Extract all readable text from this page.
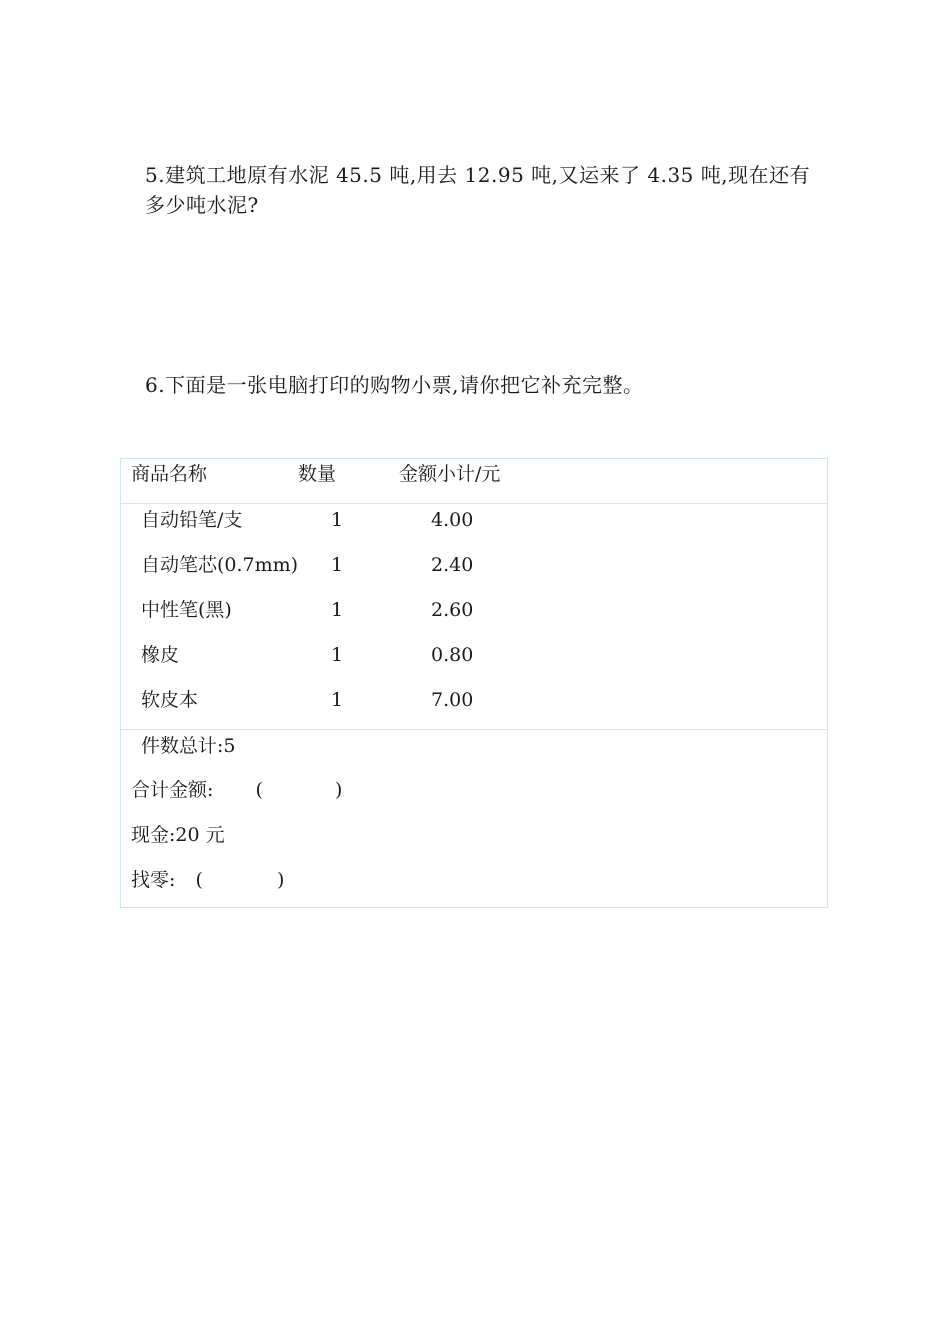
5.建筑工地原有水泥 45.5 吨,用去 12.95 吨,又运来了 4.35 吨,现在还有多少吨水泥?

6.下面是一张电脑打印的购物小票,请你把它补充完整。

商品名称	数量	金额小计/元
自动铅笔/支	1	4.00
自动笔芯(0.7mm) 1	2.40
中性笔(黑)	1	2.60
橡皮	1	0.80
软皮本	1	7.00
件数总计:5
合计金额: (	)
现金:20 元
找零: (	)
